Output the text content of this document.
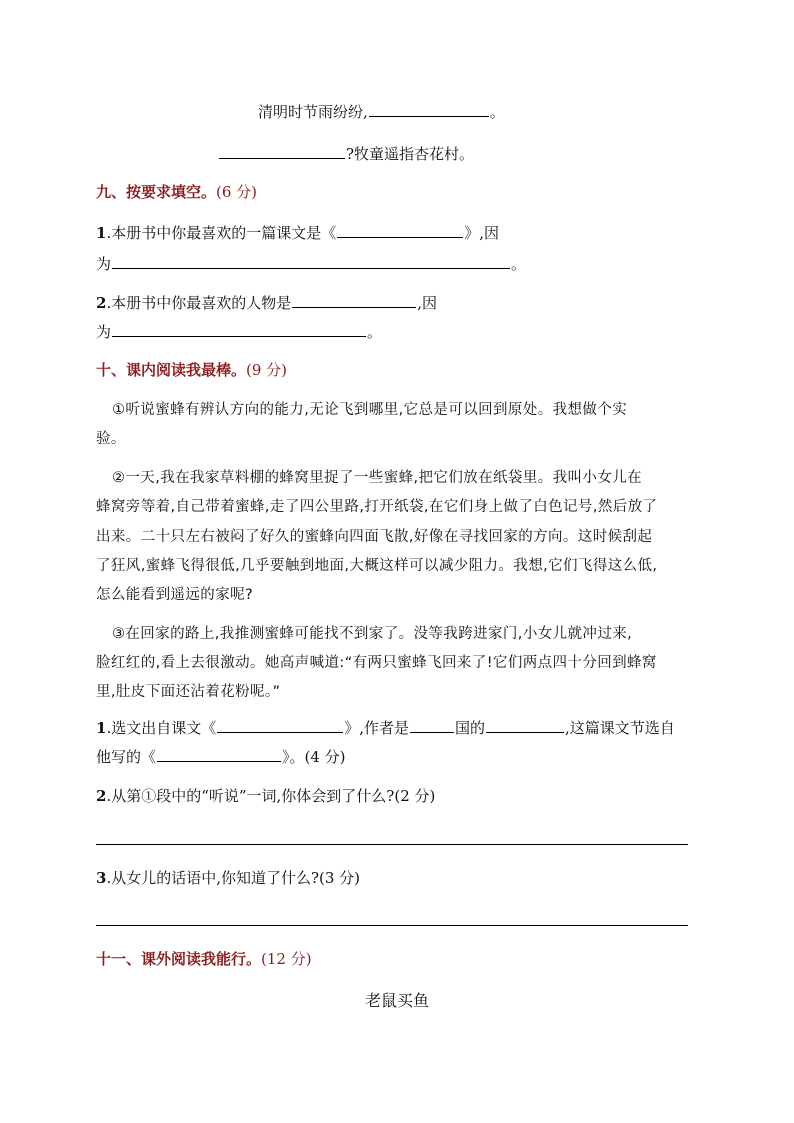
清明时节雨纷纷,	。
?牧童遥指杏花村。
九、按要求填空。(6 分)
1.本册书中你最喜欢的一篇课文是《	》,因
为	。
2.本册书中你最喜欢的人物是	,因
为	。
十、课内阅读我最棒。(9 分)
①听说蜜蜂有辨认方向的能力,无论飞到哪里,它总是可以回到原处。我想做个实
验。
②一天,我在我家草料棚的蜂窝里捉了一些蜜蜂,把它们放在纸袋里。我叫小女儿在
蜂窝旁等着,自己带着蜜蜂,走了四公里路,打开纸袋,在它们身上做了白色记号,然后放了
出来。二十只左右被闷了好久的蜜蜂向四面飞散,好像在寻找回家的方向。这时候刮起
了狂风,蜜蜂飞得很低,几乎要触到地面,大概这样可以减少阻力。我想,它们飞得这么低,
怎么能看到遥远的家呢?
③在回家的路上,我推测蜜蜂可能找不到家了。没等我跨进家门,小女儿就冲过来,
脸红红的,看上去很激动。她高声喊道:“有两只蜜蜂飞回来了!它们两点四十分回到蜂窝
里,肚皮下面还沾着花粉呢。”
1.选文出自课文《	》,作者是	国的	,这篇课文节选自
他写的《	》。(4 分)
2.从第①段中的“听说”一词,你体会到了什么?(2 分)
3.从女儿的话语中,你知道了什么?(3 分)
十一、课外阅读我能行。(12 分)
老鼠买鱼
